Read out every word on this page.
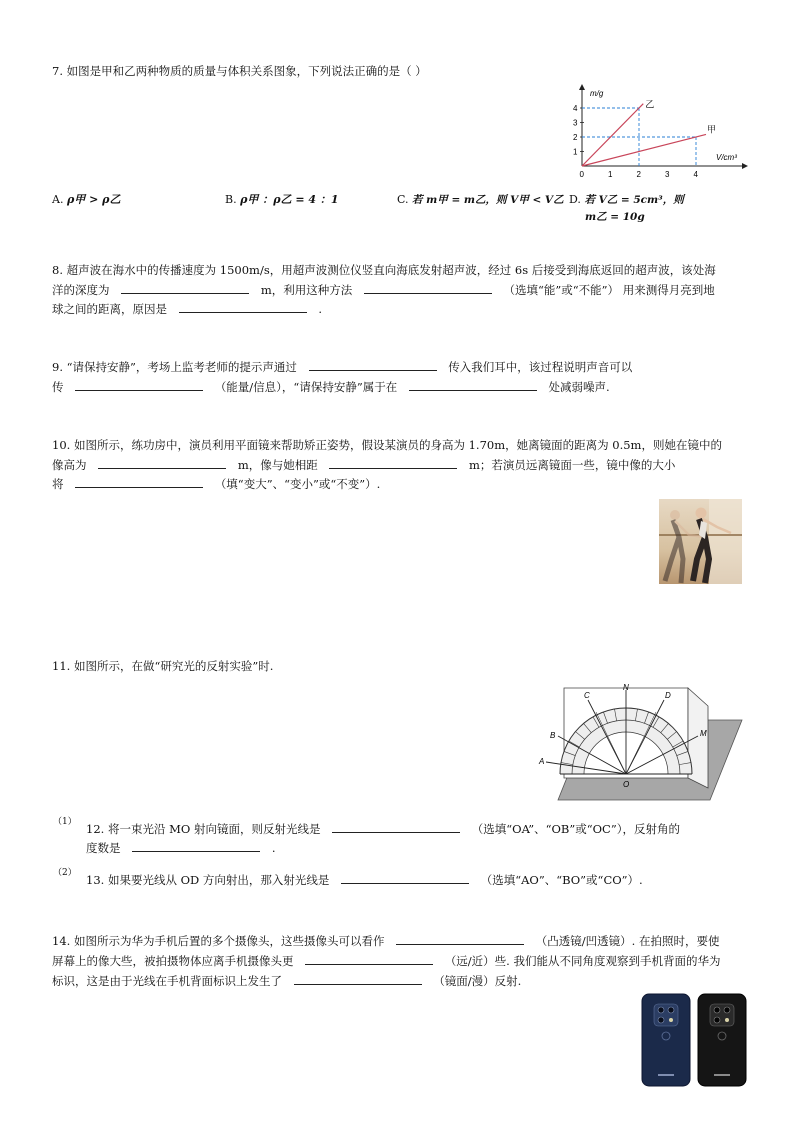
7. 如图是甲和乙两种物质的质量与体积关系图象，下列说法正确的是（ ）
m/g
V/cm³
0	1	2	3	4
1
2
3
4	乙
甲
A. ρ甲 > ρ乙	B. ρ甲 ：ρ乙 = 4 ：1	C. 若 m甲 = m乙，则 V甲 < V乙 D. 若 V乙 = 5cm³，则
m乙 = 10g
8. 超声波在海水中的传播速度为 1500m/s，用超声波测位仪竖直向海底发射超声波，经过 6s 后接受到海底返回的超声波，该处海
洋的深度为	m，利用这种方法	（选填“能”或“不能”） 用来测得月亮到地
球之间的距离，原因是	.
9. “请保持安静”，考场上监考老师的提示声通过	传入我们耳中，该过程说明声音可以
传	（能量/信息），“请保持安静”属于在	处减弱噪声.
10. 如图所示，练功房中，演员利用平面镜来帮助矫正姿势，假设某演员的身高为 1.70m，她离镜面的距离为 0.5m，则她在镜中的
像高为	m，像与她相距	m；若演员远离镜面一些，镜中像的大小
将	（填“变大”、“变小”或“不变”）.
11. 如图所示，在做“研究光的反射实验”时.
N
C	D
B	M
A
O
（1） 12. 将一束光沿 MO 射向镜面，则反射光线是	（选填“OA”、“OB”或“OC”），反射角的
度数是	.
（2） 13. 如果要光线从 OD 方向射出，那入射光线是	（选填“AO”、“BO”或“CO”）.
14. 如图所示为华为手机后置的多个摄像头，这些摄像头可以看作	（凸透镜/凹透镜）. 在拍照时，要使
屏幕上的像大些，被拍摄物体应离手机摄像头更	（远/近）些. 我们能从不同角度观察到手机背面的华为
标识，这是由于光线在手机背面标识上发生了	（镜面/漫）反射.
